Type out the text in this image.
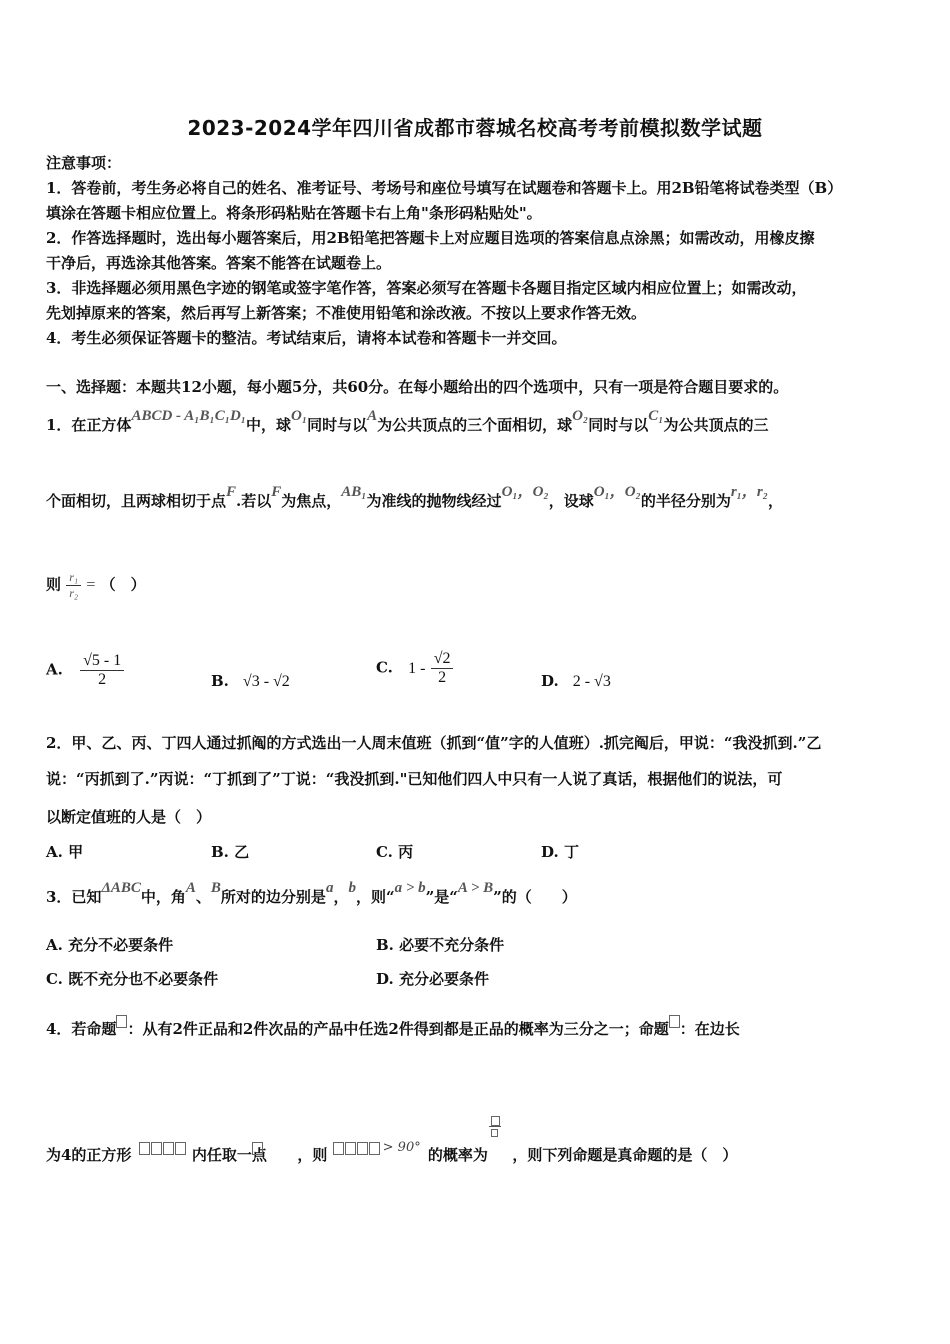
2023-2024学年四川省成都市蓉城名校高考考前模拟数学试题
注意事项：
1．答卷前，考生务必将自己的姓名、准考证号、考场号和座位号填写在试题卷和答题卡上。用2B铅笔将试卷类型（B）
填涂在答题卡相应位置上。将条形码粘贴在答题卡右上角"条形码粘贴处"。
2．作答选择题时，选出每小题答案后，用2B铅笔把答题卡上对应题目选项的答案信息点涂黑；如需改动，用橡皮擦
干净后，再选涂其他答案。答案不能答在试题卷上。
3．非选择题必须用黑色字迹的钢笔或签字笔作答，答案必须写在答题卡各题目指定区域内相应位置上；如需改动，
先划掉原来的答案，然后再写上新答案；不准使用铅笔和涂改液。不按以上要求作答无效。
4．考生必须保证答题卡的整洁。考试结束后，请将本试卷和答题卡一并交回。
一、选择题：本题共12小题，每小题5分，共60分。在每小题给出的四个选项中，只有一项是符合题目要求的。
1．在正方体ABCD - A₁B₁C₁D₁中，球O₁同时与以A为公共顶点的三个面相切，球O₂同时与以C₁为公共顶点的三
个面相切，且两球相切于点F.若以F为焦点，AB₁为准线的抛物线经过O₁，O₂，设球O₁，O₂的半径分别为r₁，r₂，
则 $\frac{\text{r₁}}{\text{r₂}}$ = （　）
A. $\frac{√5 - 1}{2}$	B. √3 - √2
C. $1 - \frac{√2}{2}$	D. 2 - √3
2．甲、乙、丙、丁四人通过抓阄的方式选出一人周末值班（抓到“值”字的人值班）.抓完阄后，甲说：“我没抓到.”乙
说：“丙抓到了.”丙说：“丁抓到了”丁说：“我没抓到."已知他们四人中只有一人说了真话，根据他们的说法，可
以断定值班的人是（　）
A. 甲	B. 乙	C. 丙	D. 丁
3．已知ΔABC中，角A、B所对的边分别是a，b，则“a > b”是“A > B”的（　　）
A. 充分不必要条件	B. 必要不充分条件
C. 既不充分也不必要条件	D. 充分必要条件
4．若命题 ：从有2件正品和2件次品的产品中任选2件得到都是正品的概率为三分之一；命题 ：在边长
为4的正方形	内任取一点 ，则	> 90° 的概率为 ，则下列命题是真命题的是（　）
